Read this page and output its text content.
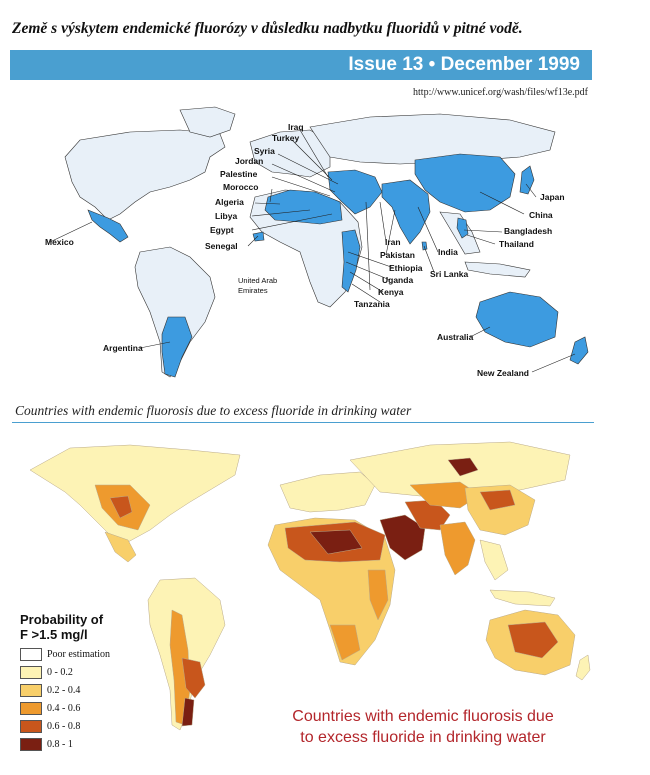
Země s výskytem endemické fluorózy v důsledku nadbytku fluoridů v pitné vodě.
Issue 13 • December 1999
http://www.unicef.org/wash/files/wf13e.pdf
Iraq
Turkey
Syria
Jordan
Palestine
Morocco
Algeria
Libya
Egypt
Senegal
United Arab
Emirates
Mexico
Argentina
Iran
Pakistan
Ethiopia
Uganda
Kenya
Tanzania
India
Sri Lanka
Bangladesh
Thailand
China
Japan
Australia
New Zealand
Countries with endemic fluorosis due to excess fluoride in drinking water
Probability of
F >1.5 mg/l
Poor estimation
0 - 0.2
0.2 - 0.4
0.4 - 0.6
0.6 - 0.8
0.8 - 1
Countries with endemic fluorosis due
to excess fluoride in drinking water
